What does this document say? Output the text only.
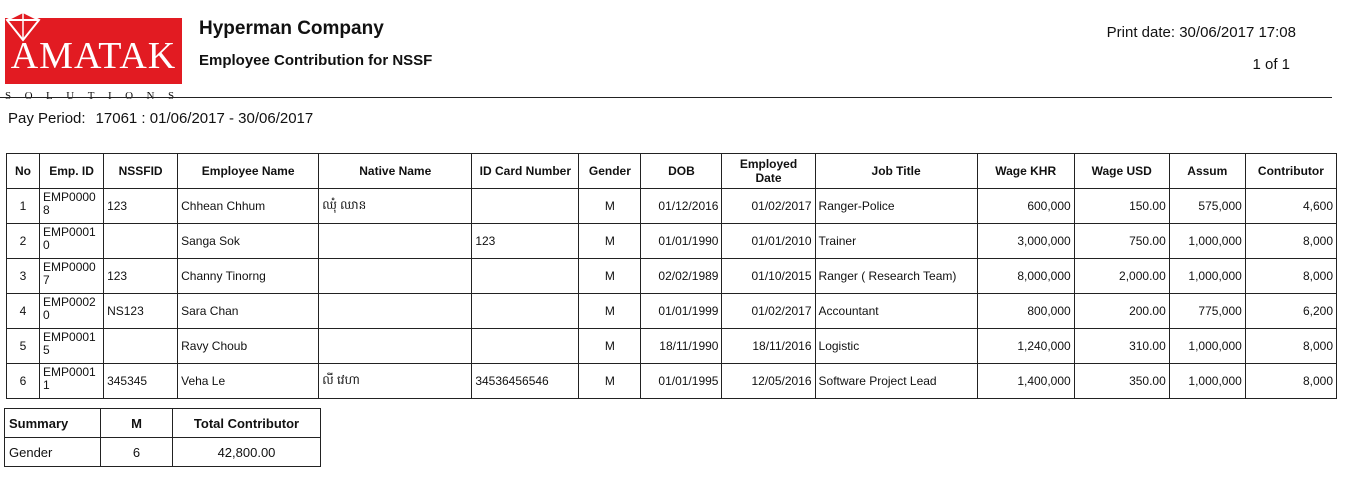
AMATAK
SOLUTIONS
Hyperman Company
Employee Contribution for NSSF
Print date: 30/06/2017 17:08
1 of 1
Pay Period: 17061 : 01/06/2017 - 30/06/2017
No	Emp. ID	NSSFID	Employee Name	Native Name	ID Card Number	Gender	DOB	Employed Date	Job Title	Wage KHR	Wage USD	Assum	Contributor
1	EMP0000 8	123	Chhean Chhum	ឈុំ ឈាន		M	01/12/2016	01/02/2017	Ranger-Police	600,000	150.00	575,000	4,600
2	EMP0001 0		Sanga Sok		123	M	01/01/1990	01/01/2010	Trainer	3,000,000	750.00	1,000,000	8,000
3	EMP0000 7	123	Channy Tinorng			M	02/02/1989	01/10/2015	Ranger ( Research Team)	8,000,000	2,000.00	1,000,000	8,000
4	EMP0002 0	NS123	Sara Chan			M	01/01/1999	01/02/2017	Accountant	800,000	200.00	775,000	6,200
5	EMP0001 5		Ravy Choub			M	18/11/1990	18/11/2016	Logistic	1,240,000	310.00	1,000,000	8,000
6	EMP0001 1	345345	Veha Le	លី វេហា	34536456546	M	01/01/1995	12/05/2016	Software Project Lead	1,400,000	350.00	1,000,000	8,000
Summary	M	Total Contributor
Gender	6	42,800.00
